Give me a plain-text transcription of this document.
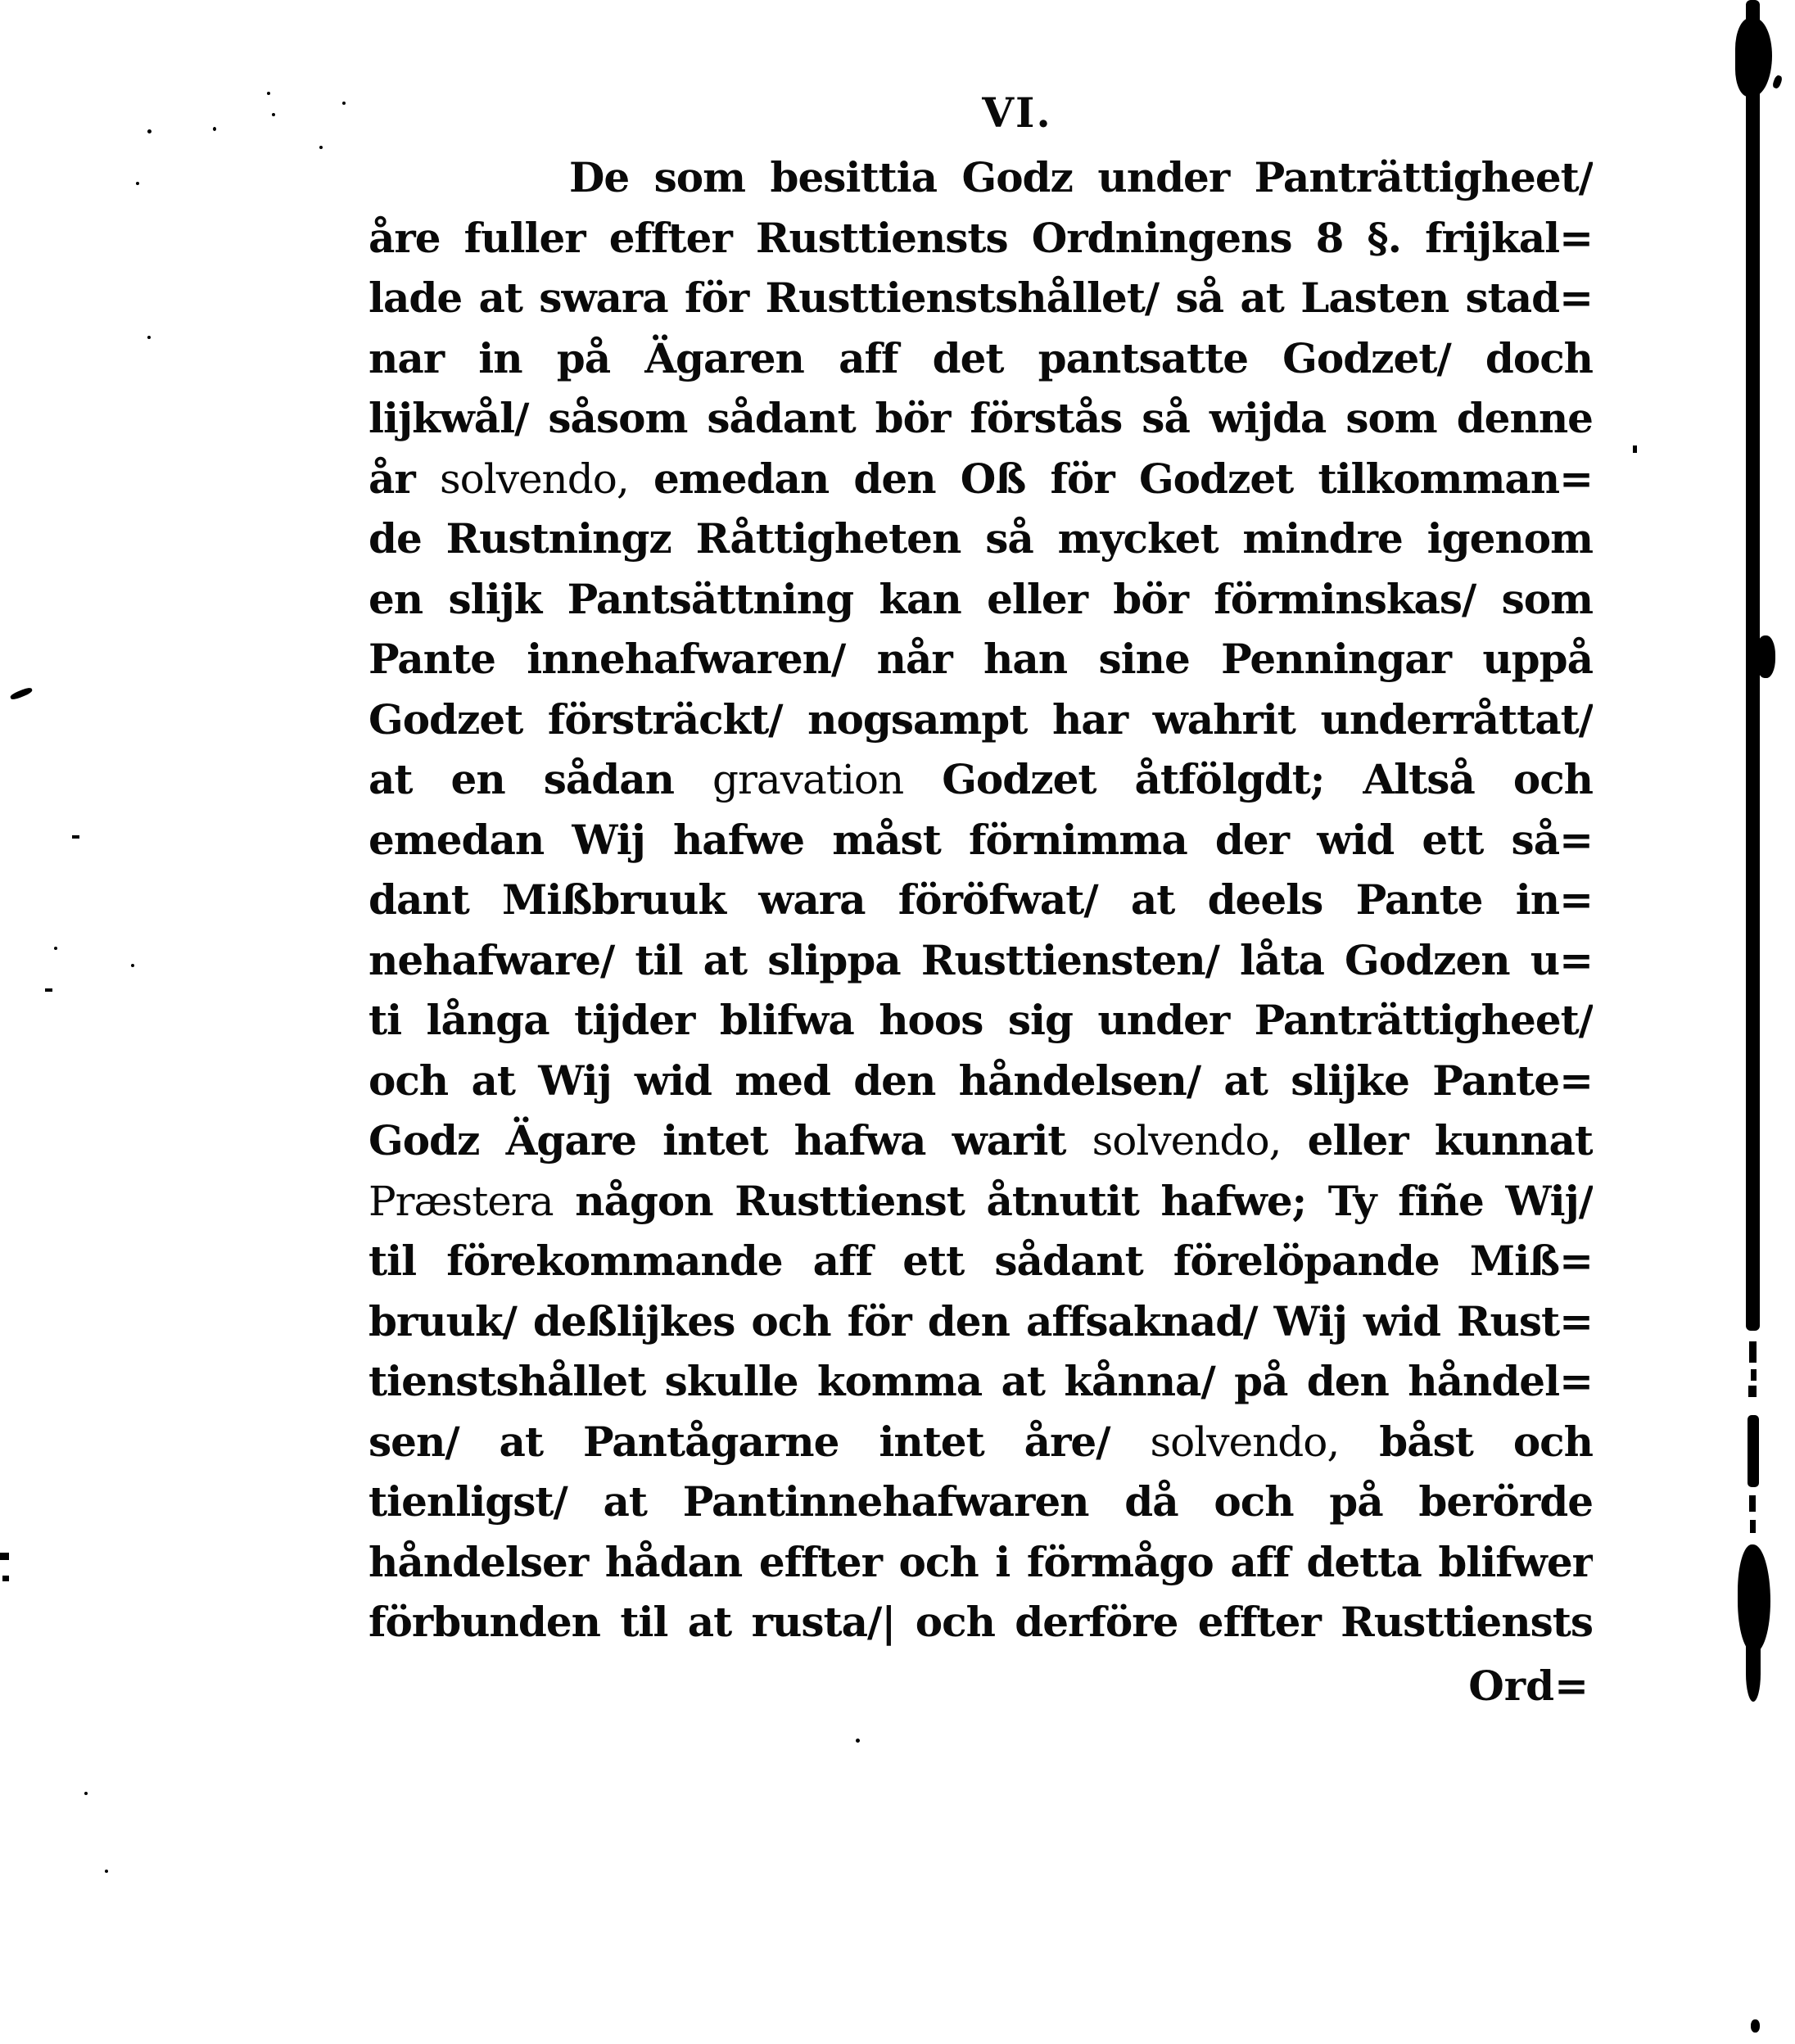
VI.
De som besittia Godz under Panträttigheet/
åre fuller effter Rusttiensts Ordningens 8 §. frijkal=
lade at swara för Rusttienstshållet/ så at Lasten stad=
nar in på Ägaren aff det pantsatte Godzet/ doch
lijkwål/ såsom sådant bör förstås så wijda som denne
år solvendo, emedan den Oß för Godzet tilkomman=
de Rustningz Råttigheten så mycket mindre igenom
en slijk Pantsättning kan eller bör förminskas/ som
Pante innehafwaren/ når han sine Penningar uppå
Godzet försträckt/ nogsampt har wahrit underråttat/
at en sådan gravation Godzet åtfölgdt; Altså och
emedan Wij hafwe måst förnimma der wid ett så=
dant Mißbruuk wara föröfwat/ at deels Pante in=
nehafware/ til at slippa Rusttiensten/ låta Godzen u=
ti långa tijder blifwa hoos sig under Panträttigheet/
och at Wij wid med den håndelsen/ at slijke Pante=
Godz Ägare intet hafwa warit solvendo, eller kunnat
Præstera någon Rusttienst åtnutit hafwe; Ty fiñe Wij/
til förekommande aff ett sådant förelöpande Miß=
bruuk/ deßlijkes och för den affsaknad/ Wij wid Rust=
tienstshållet skulle komma at kånna/ på den håndel=
sen/ at Pantågarne intet åre/ solvendo, båst och
tienligst/ at Pantinnehafwaren då och på berörde
håndelser hådan effter och i förmågo aff detta blifwer
förbunden til at rusta/| och derföre effter Rusttiensts
Ord=
